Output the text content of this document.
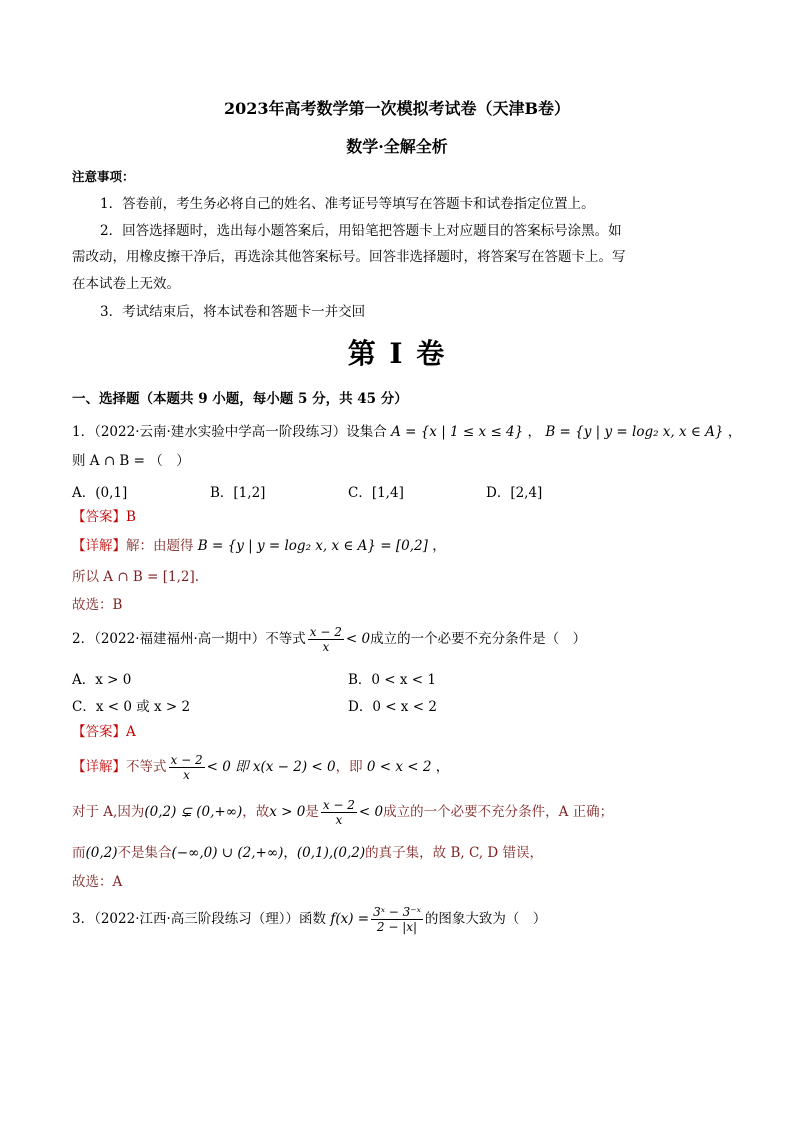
2023年高考数学第一次模拟考试卷（天津B卷）
数学·全解全析
注意事项：
1．答卷前，考生务必将自己的姓名、准考证号等填写在答题卡和试卷指定位置上。
2．回答选择题时，选出每小题答案后，用铅笔把答题卡上对应题目的答案标号涂黑。如
需改动，用橡皮擦干净后，再选涂其他答案标号。回答非选择题时，将答案写在答题卡上。写
在本试卷上无效。
3．考试结束后，将本试卷和答题卡一并交回
第 I 卷
一、选择题（本题共 9 小题，每小题 5 分，共 45 分）
1．（2022·云南·建水实验中学高一阶段练习）设集合 A = {x | 1 ≤ x ≤ 4} ， B = {y | y = log₂ x, x ∈ A} ，
则 A ∩ B = （　）
A．(0,1]	B．[1,2]	C．[1,4]	D．[2,4]
【答案】B
【详解】解：由题得 B = {y | y = log₂ x, x ∈ A} = [0,2] ，
所以 A ∩ B = [1,2].
故选：B
2．（2022·福建福州·高一期中）不等式 $\frac{x - 2}{x} < 0$成立的一个必要不充分条件是（　）
A．x > 0	B．0 < x < 1
C．x < 0 或 x > 2	D．0 < x < 2
【答案】A
【详解】不等式 $\frac{x - 2}{x} < 0$ 即 x(x − 2) < 0，即 0 < x < 2 ，
对于 A,因为(0,2) ⊊ (0,+∞)，故x > 0是 $\frac{x - 2}{x} < 0$成立的一个必要不充分条件，A 正确；
而(0,2)不是集合(−∞,0) ∪ (2,+∞)，(0,1),(0,2)的真子集，故 B, C, D 错误，
故选：A
3．（2022·江西·高三阶段练习（理））函数 $f(x) = \frac{\text{3ˣ − 3⁻ˣ}}{2 - |x|}$ 的图象大致为（　）
